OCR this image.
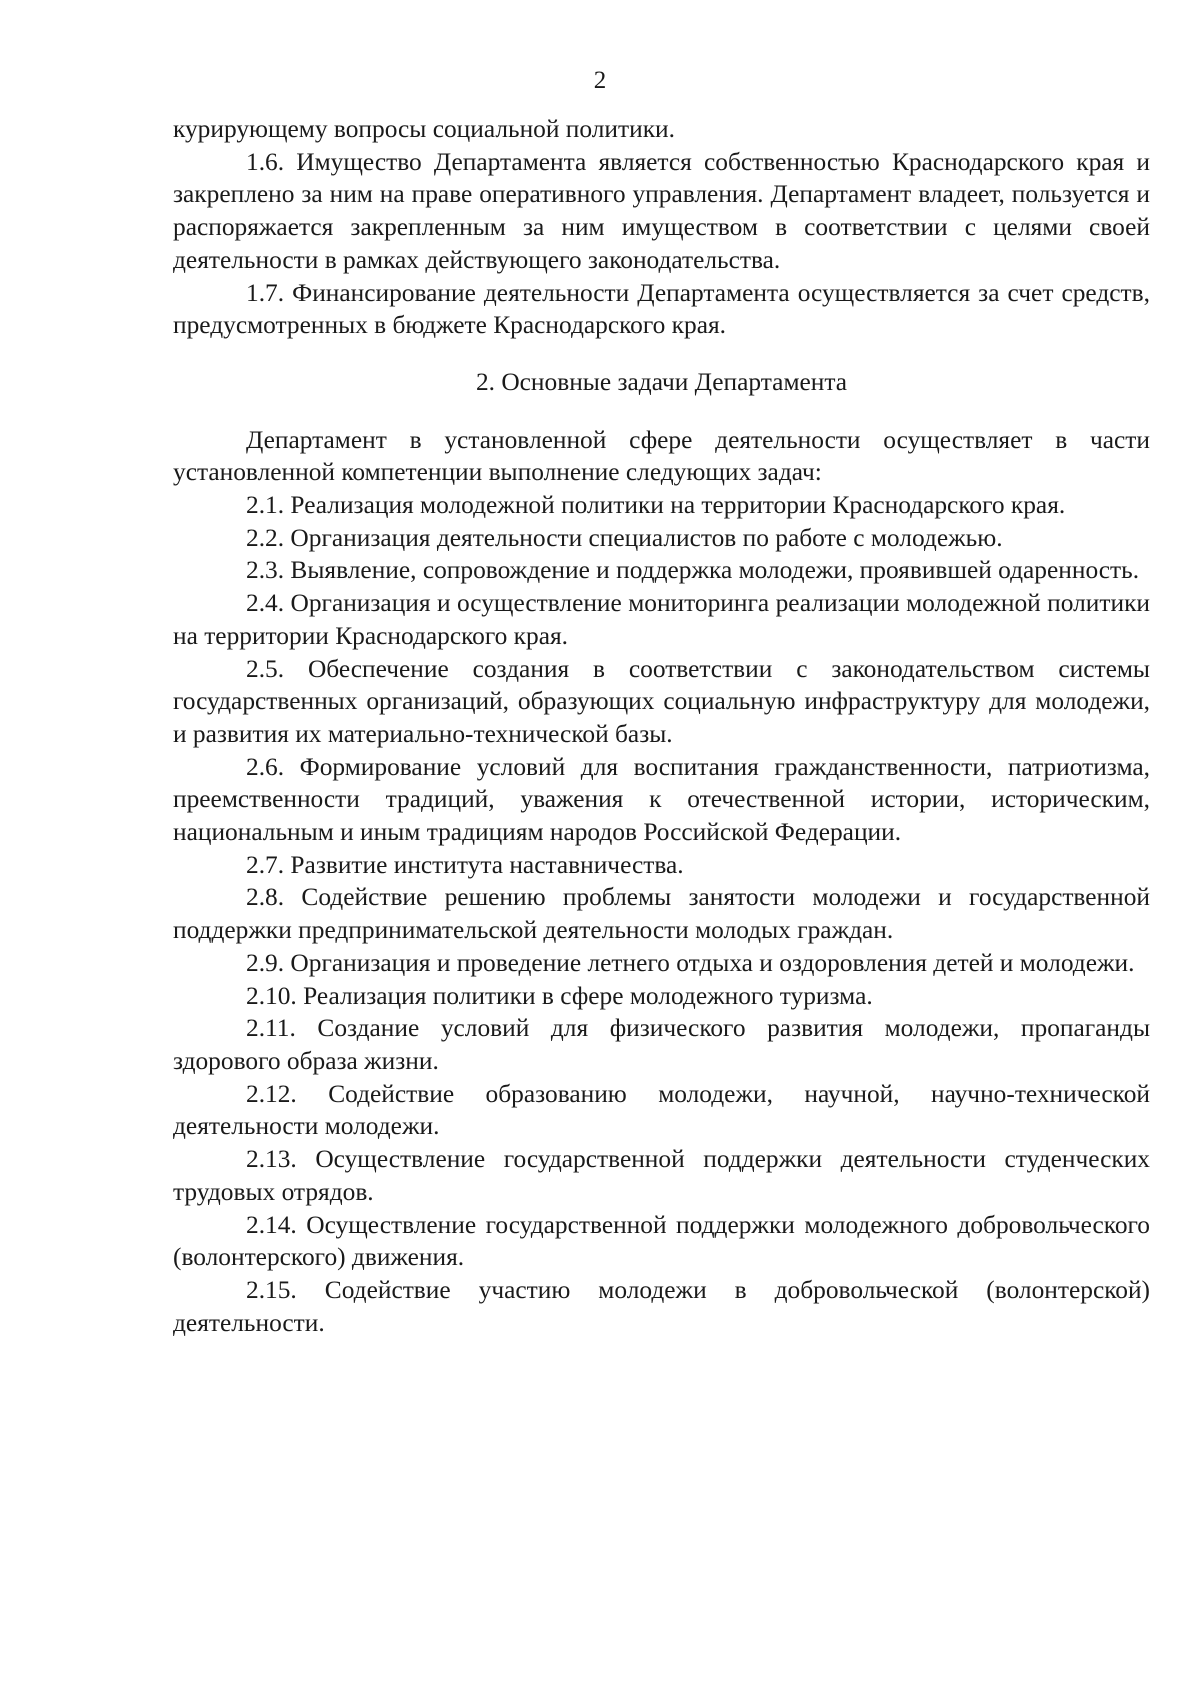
2

курирующему вопросы социальной политики.

1.6. Имущество Департамента является собственностью Краснодарского края и закреплено за ним на праве оперативного управления. Департамент владеет, пользуется и распоряжается закрепленным за ним имуществом в соответствии с целями своей деятельности в рамках действующего законодательства.

1.7. Финансирование деятельности Департамента осуществляется за счет средств, предусмотренных в бюджете Краснодарского края.

2. Основные задачи Департамента

Департамент в установленной сфере деятельности осуществляет в части установленной компетенции выполнение следующих задач:

2.1. Реализация молодежной политики на территории Краснодарского края.

2.2. Организация деятельности специалистов по работе с молодежью.

2.3. Выявление, сопровождение и поддержка молодежи, проявившей одаренность.

2.4. Организация и осуществление мониторинга реализации молодежной политики на территории Краснодарского края.

2.5. Обеспечение создания в соответствии с законодательством системы государственных организаций, образующих социальную инфраструктуру для молодежи, и развития их материально-технической базы.

2.6. Формирование условий для воспитания гражданственности, патриотизма, преемственности традиций, уважения к отечественной истории, историческим, национальным и иным традициям народов Российской Федерации.

2.7. Развитие института наставничества.

2.8. Содействие решению проблемы занятости молодежи и государственной поддержки предпринимательской деятельности молодых граждан.

2.9. Организация и проведение летнего отдыха и оздоровления детей и молодежи.

2.10. Реализация политики в сфере молодежного туризма.

2.11. Создание условий для физического развития молодежи, пропаганды здорового образа жизни.

2.12. Содействие образованию молодежи, научной, научно-технической деятельности молодежи.

2.13. Осуществление государственной поддержки деятельности студенческих трудовых отрядов.

2.14. Осуществление государственной поддержки молодежного добровольческого (волонтерского) движения.

2.15. Содействие участию молодежи в добровольческой (волонтерской) деятельности.
